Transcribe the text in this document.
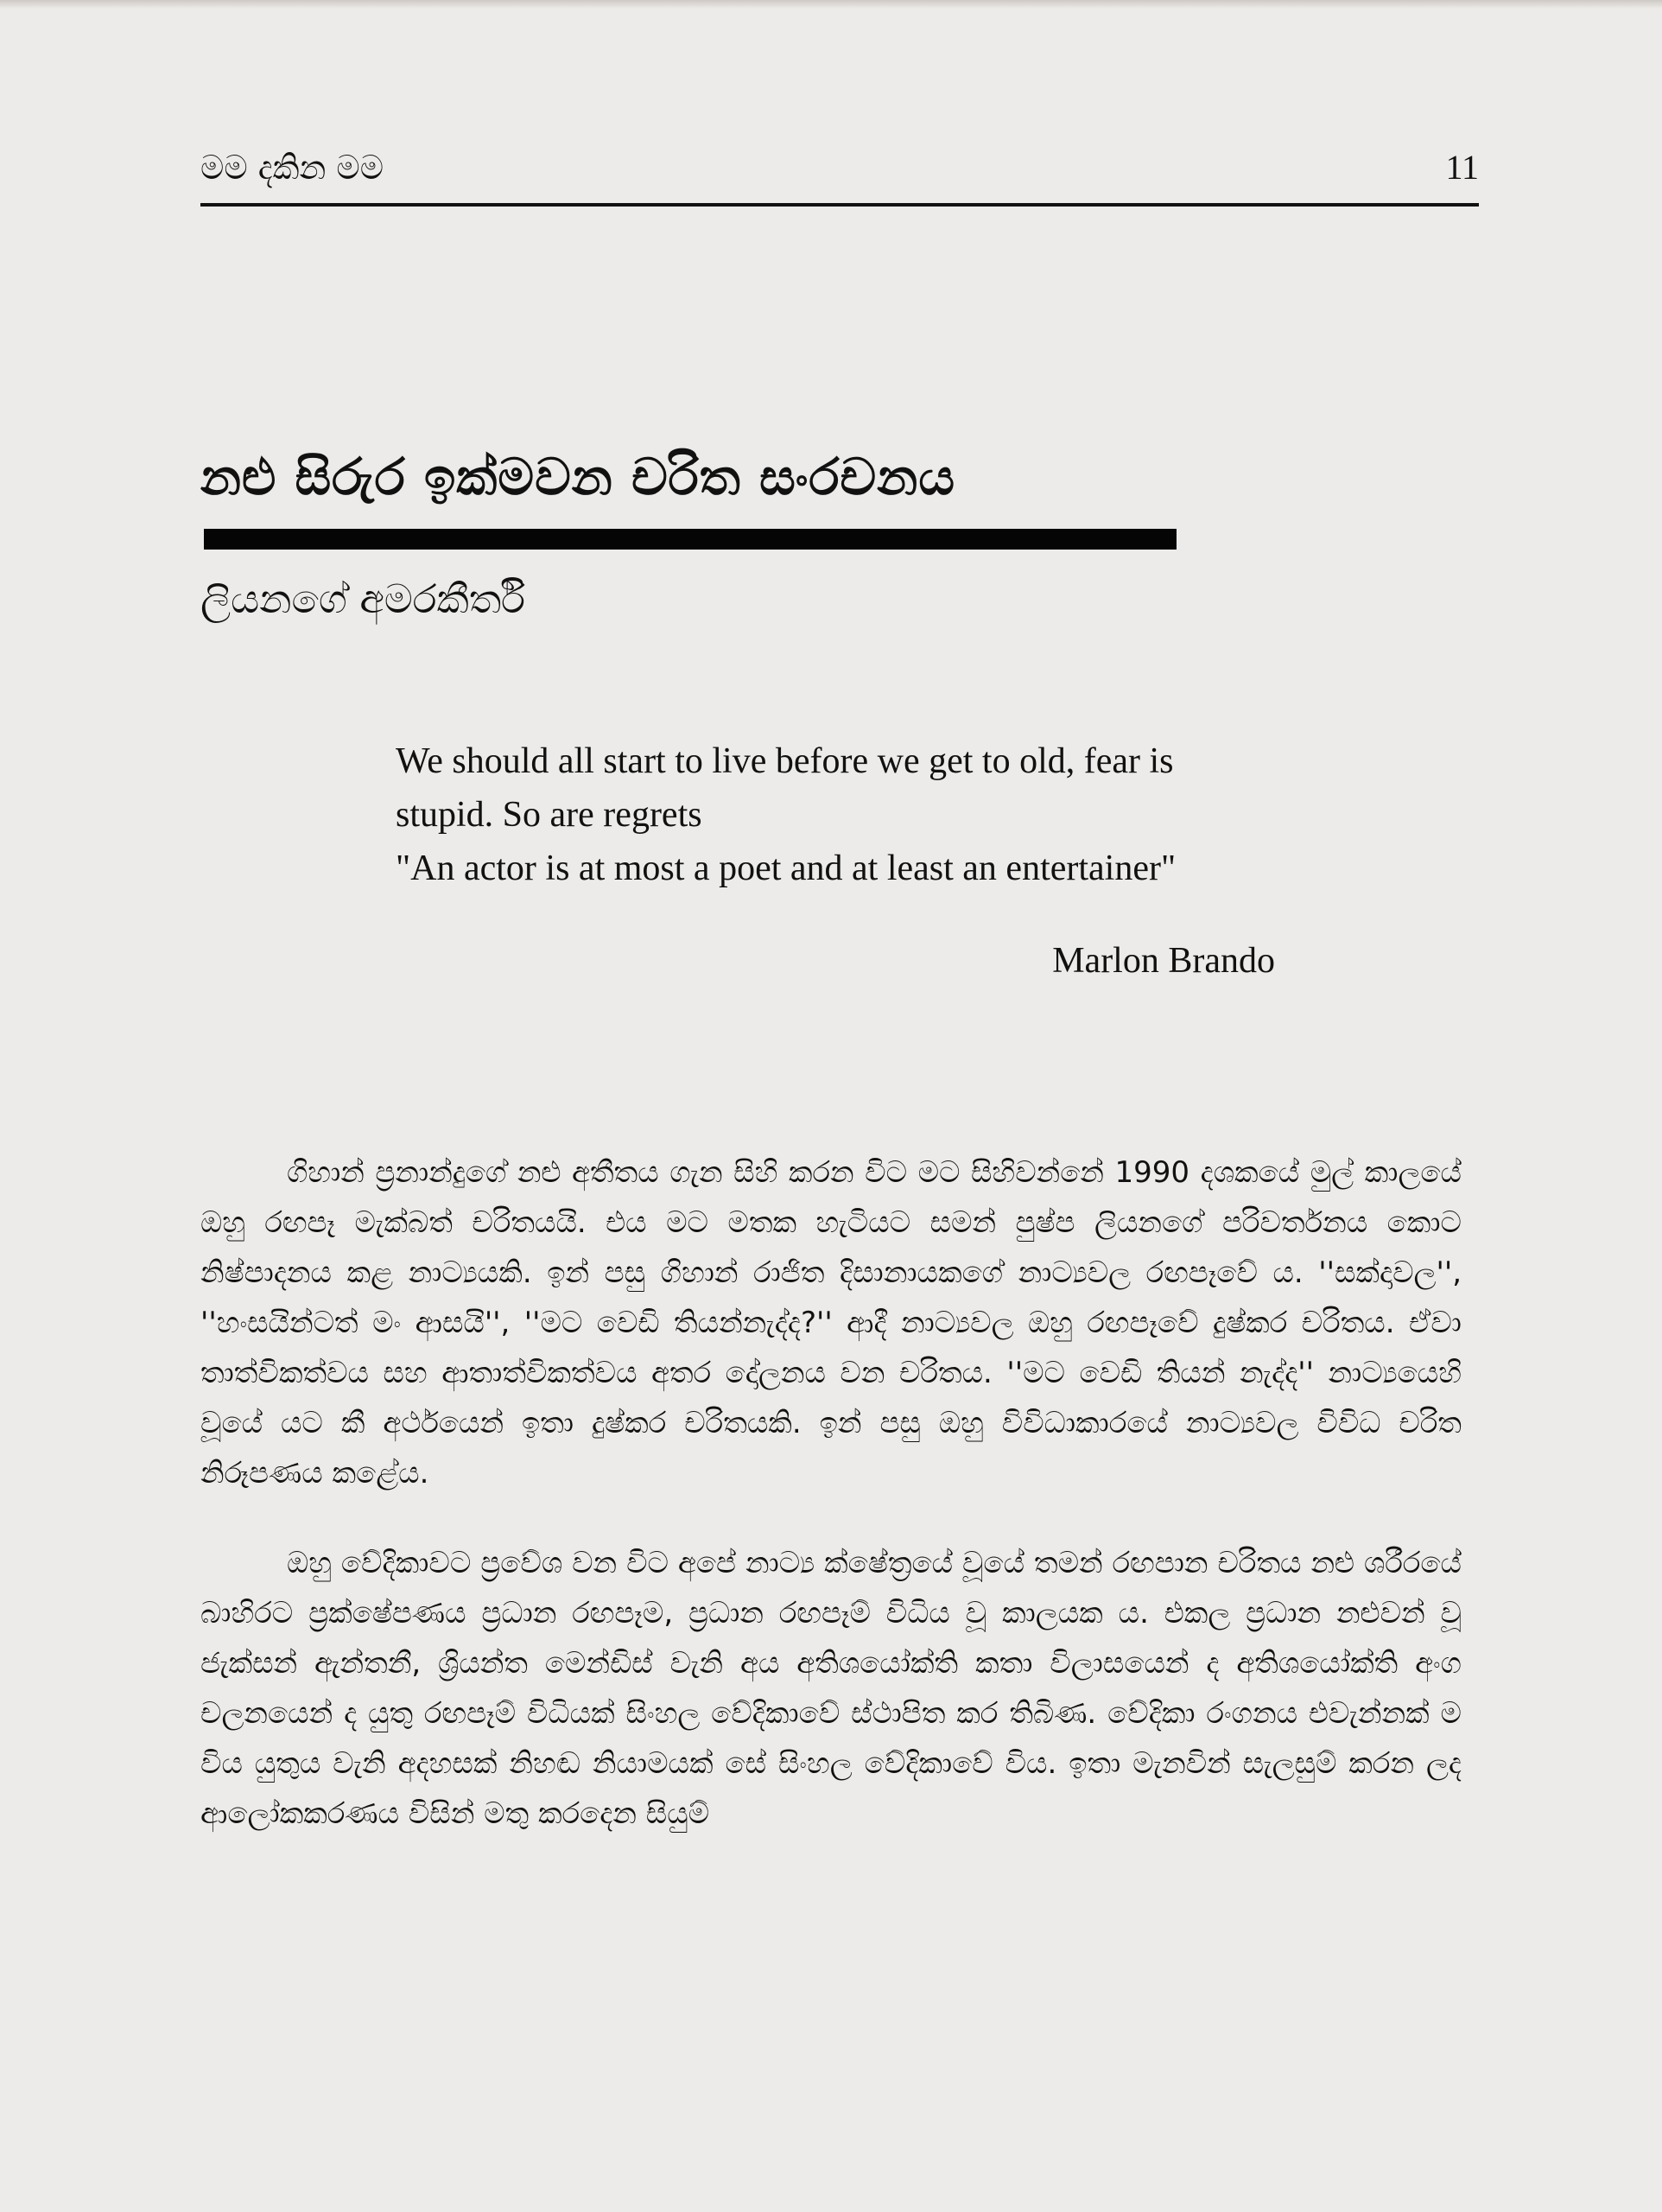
මම දකින මම	11
නළු සිරුර ඉක්මවන චරිත සංරචනය
ලියනගේ අමරකීර්ති

We should all start to live before we get to old, fear is stupid. So are regrets

"An actor is at most a poet and at least an entertainer"

Marlon Brando

ගිහාන් ප්‍රනාන්දුගේ නළු අතීතය ගැන සිහි කරන විට මට සිහිවන්නේ 1990 දශකයේ මුල් කාලයේ ඔහු රඟපෑ මැක්බත් චරිතයයි. එය මට මතක හැටියට සමන් පුෂ්ප ලියනගේ පරිවර්තනය කොට නිෂ්පාදනය කළ නාට්‍යයකි. ඉන් පසු ගිහාන් රාජිත දිසානායකගේ නාට්‍යවල රඟපෑවේ ය. ''සක්දාවල'', ''හංසයින්ටත් මං ආසයි'', ''මට වෙඩි තියන්නැද්ද?'' ආදී නාට්‍යවල ඔහු රඟපෑවේ දුෂ්කර චරිතය. ඒවා තාත්විකත්වය සහ ආතාත්විකත්වය අතර දෝලනය වන චරිතය. ''මට වෙඩි තියන් නැද්ද'' නාට්‍යයෙහි වූයේ යට කී අර්ථයෙන් ඉතා දුෂ්කර චරිතයකි. ඉන් පසු ඔහු විවිධාකාරයේ නාට්‍යවල විවිධ චරිත නිරූපණය කළේය.

ඔහු වේදිකාවට ප්‍රවේශ වන විට අපේ නාට්‍ය ක්ෂේත්‍රයේ වූයේ තමන් රඟපාන චරිතය නළු ශරීරයේ බාහිරට ප්‍රක්ෂේපණය ප්‍රධාන රඟපෑම, ප්‍රධාන රඟපෑම් විධිය වූ කාලයක ය. එකල ප්‍රධාන නළුවන් වූ ජැක්සන් ඇන්තනී, ශ්‍රියන්ත මෙන්ඩිස් වැනි අය අතිශයෝක්ති කතා විලාසයෙන් ද අතිශයෝක්ති අංග චලනයෙන් ද යුතු රඟපෑම් විධියක් සිංහල වේදිකාවේ ස්ථාපිත කර තිබිණ. වේදිකා රංගනය එවැන්නක් ම විය යුතුය වැනි අදහසක් නිහඬ නියාමයක් සේ සිංහල වේදිකාවේ විය. ඉතා මැනවින් සැලසුම් කරන ලද ආලෝකකරණය විසින් මතු කරදෙන සියුම්
